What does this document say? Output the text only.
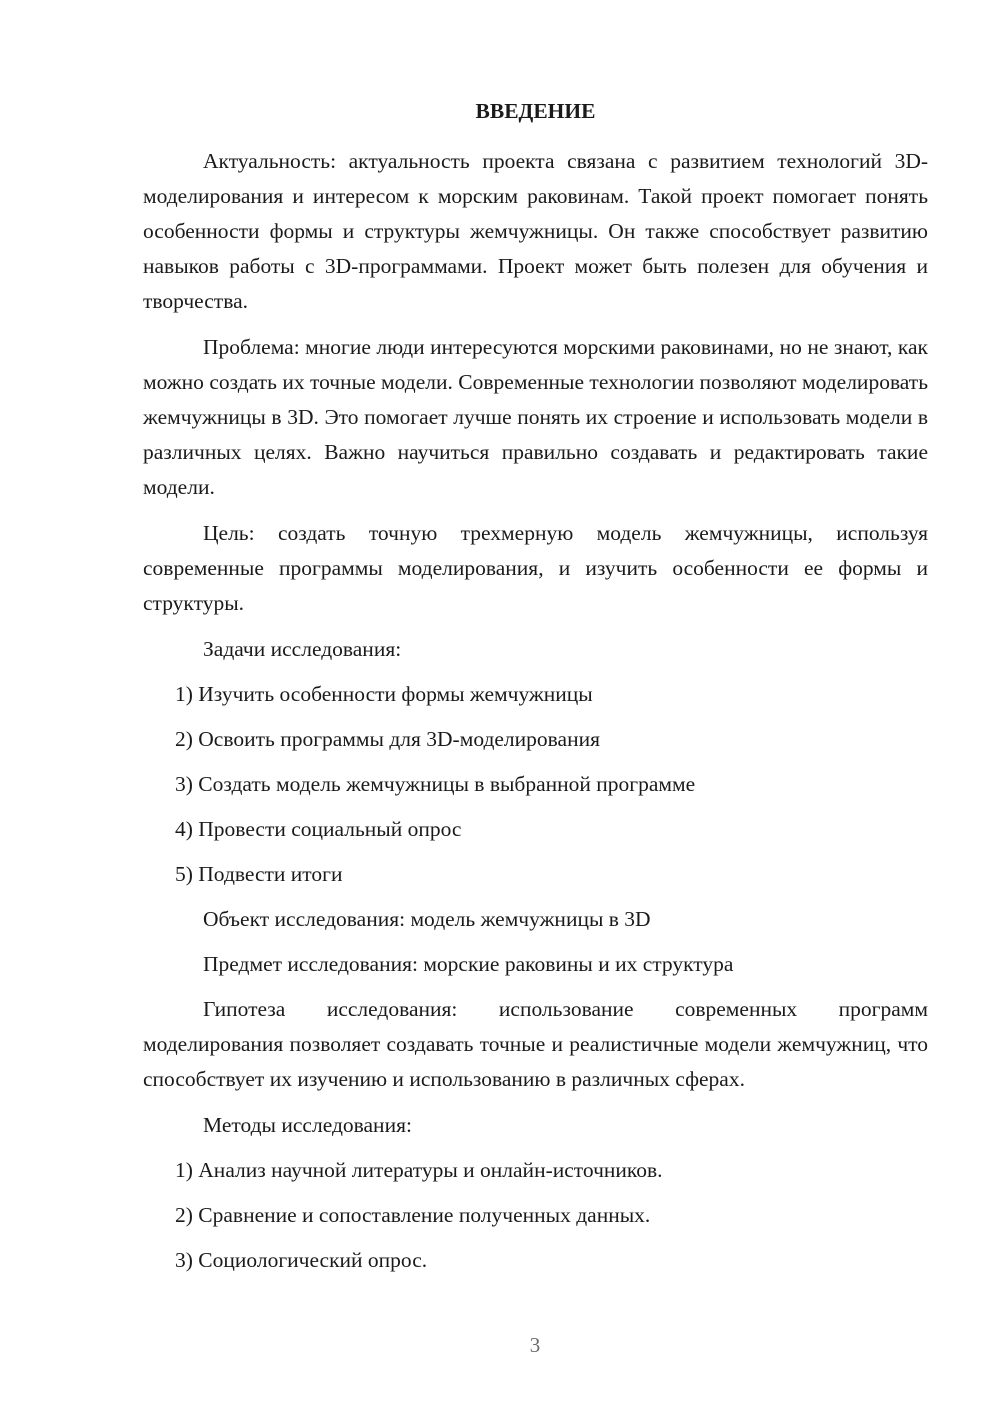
ВВЕДЕНИЕ

Актуальность: актуальность проекта связана с развитием технологий 3D-моделирования и интересом к морским раковинам. Такой проект помогает понять особенности формы и структуры жемчужницы. Он также способствует развитию навыков работы с 3D-программами. Проект может быть полезен для обучения и творчества.

Проблема: многие люди интересуются морскими раковинами, но не знают, как можно создать их точные модели. Современные технологии позволяют моделировать жемчужницы в 3D. Это помогает лучше понять их строение и использовать модели в различных целях. Важно научиться правильно создавать и редактировать такие модели.

Цель: создать точную трехмерную модель жемчужницы, используя современные программы моделирования, и изучить особенности ее формы и структуры.

Задачи исследования:
1) Изучить особенности формы жемчужницы
2) Освоить программы для 3D-моделирования
3) Создать модель жемчужницы в выбранной программе
4) Провести социальный опрос
5) Подвести итоги
Объект исследования: модель жемчужницы в 3D
Предмет исследования: морские раковины и их структура

Гипотеза исследования: использование современных программ моделирования позволяет создавать точные и реалистичные модели жемчужниц, что способствует их изучению и использованию в различных сферах.

Методы исследования:
1) Анализ научной литературы и онлайн-источников.
2) Сравнение и сопоставление полученных данных.
3) Социологический опрос.
3
